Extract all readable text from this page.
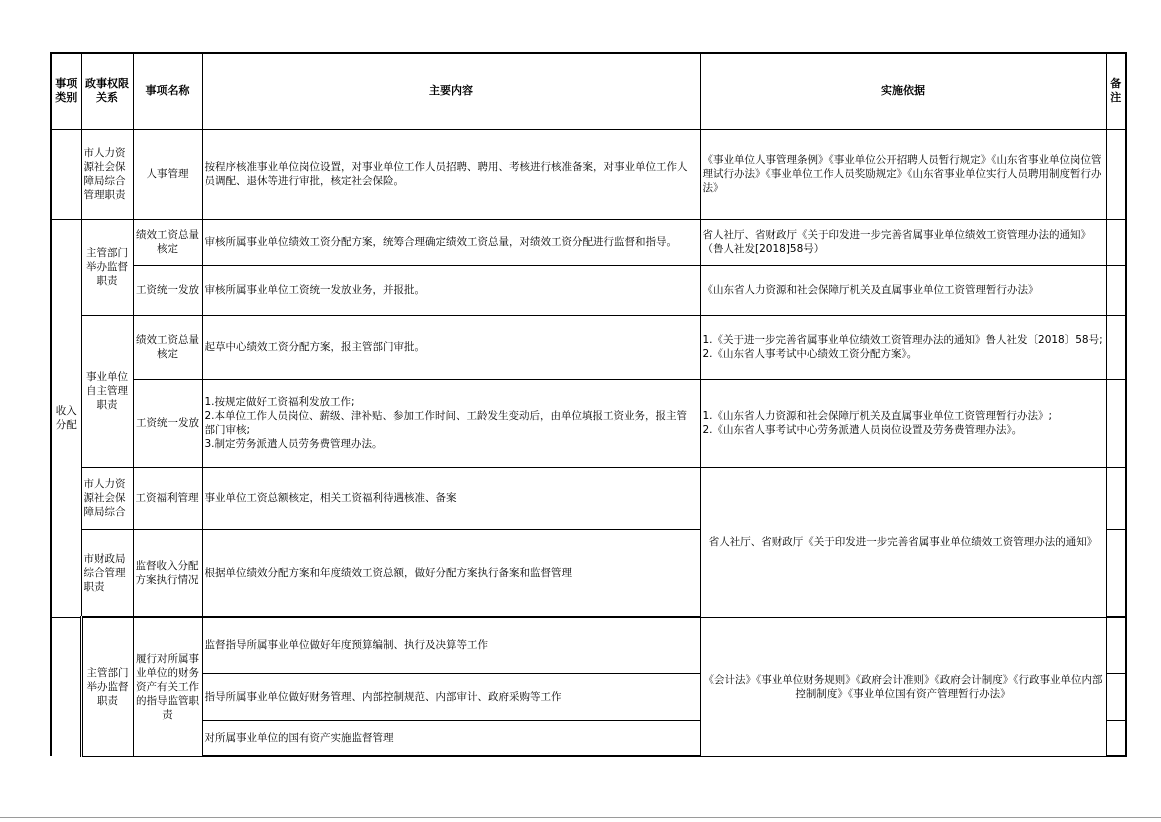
事项类别	政事权限关系	事项名称	主要内容	实施依据	备注
	市人力资源社会保障局综合管理职责	人事管理	按程序核准事业单位岗位设置，对事业单位工作人员招聘、聘用、考核进行核准备案，对事业单位工作人员调配、退休等进行审批，核定社会保险。	《事业单位人事管理条例》《事业单位公开招聘人员暂行规定》《山东省事业单位岗位管理试行办法》《事业单位工作人员奖励规定》《山东省事业单位实行人员聘用制度暂行办法》	
收入分配	主管部门举办监督职责	绩效工资总量核定	审核所属事业单位绩效工资分配方案，统筹合理确定绩效工资总量，对绩效工资分配进行监督和指导。	省人社厅、省财政厅《关于印发进一步完善省属事业单位绩效工资管理办法的通知》（鲁人社发[2018]58号）	
		工资统一发放	审核所属事业单位工资统一发放业务，并报批。	《山东省人力资源和社会保障厅机关及直属事业单位工资管理暂行办法》	
	事业单位自主管理职责	绩效工资总量核定	起草中心绩效工资分配方案，报主管部门审批。	1.《关于进一步完善省属事业单位绩效工资管理办法的通知》鲁人社发〔2018〕58号;
2.《山东省人事考试中心绩效工资分配方案》。	
		工资统一发放	1.按规定做好工资福利发放工作;
2.本单位工作人员岗位、薪级、津补贴、参加工作时间、工龄发生变动后，由单位填报工资业务，报主管部门审核;
3.制定劳务派遣人员劳务费管理办法。	1.《山东省人力资源和社会保障厅机关及直属事业单位工资管理暂行办法》;
2.《山东省人事考试中心劳务派遣人员岗位设置及劳务费管理办法》。	
	市人力资源社会保障局综合	工资福利管理	事业单位工资总额核定，相关工资福利待遇核准、备案	省人社厅、省财政厅《关于印发进一步完善省属事业单位绩效工资管理办法的通知》	
	市财政局综合管理职责	监督收入分配方案执行情况	根据单位绩效分配方案和年度绩效工资总额，做好分配方案执行备案和监督管理		
	主管部门举办监督职责	履行对所属事业单位的财务资产有关工作的指导监管职责	监督指导所属事业单位做好年度预算编制、执行及决算等工作	《会计法》《事业单位财务规则》《政府会计准则》《政府会计制度》《行政事业单位内部控制制度》《事业单位国有资产管理暂行办法》	
			指导所属事业单位做好财务管理、内部控制规范、内部审计、政府采购等工作		
			对所属事业单位的国有资产实施监督管理		
